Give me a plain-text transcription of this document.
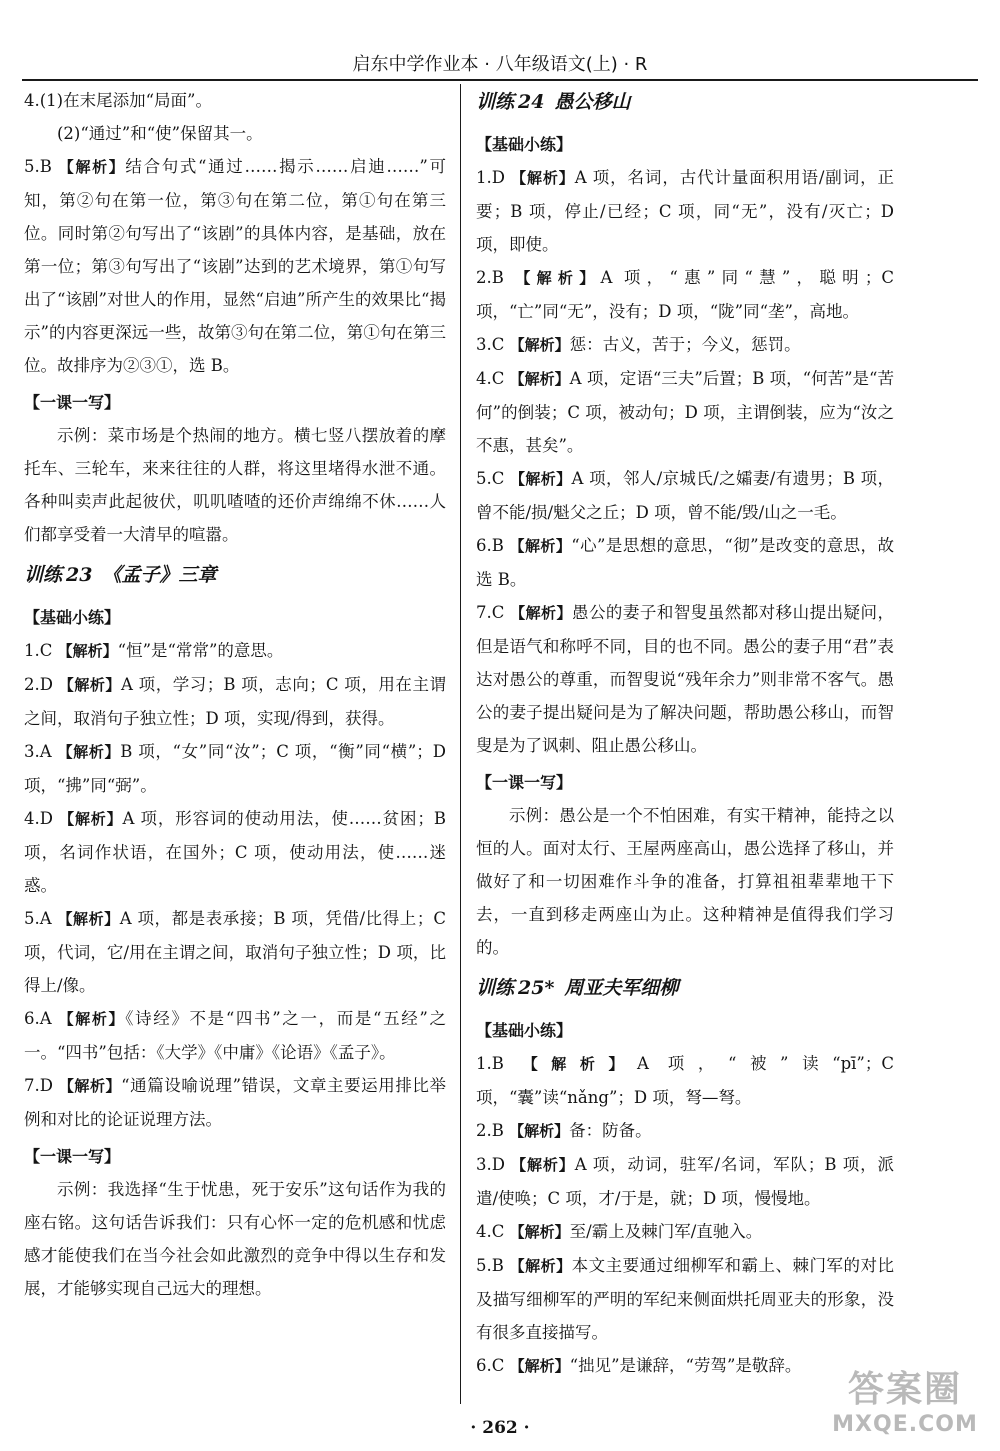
启东中学作业本 · 八年级语文(上) · R

4.(1)在末尾添加“局面”。

(2)“通过”和“使”保留其一。

5.B 【解析】结合句式“通过……揭示……启迪……”可知，第②句在第一位，第③句在第二位，第①句在第三位。同时第②句写出了“该剧”的具体内容，是基础，放在第一位；第③句写出了“该剧”达到的艺术境界，第①句写出了“该剧”对世人的作用，显然“启迪”所产生的效果比“揭示”的内容更深远一些，故第③句在第二位，第①句在第三位。故排序为②③①，选 B。

【一课一写】

示例：菜市场是个热闹的地方。横七竖八摆放着的摩托车、三轮车，来来往往的人群，将这里堵得水泄不通。各种叫卖声此起彼伏，叽叽喳喳的还价声绵绵不休……人们都享受着一大清早的喧嚣。

训练 23 《孟子》三章
【基础小练】

1.C 【解析】“恒”是“常常”的意思。

2.D 【解析】A 项，学习；B 项，志向；C 项，用在主谓之间，取消句子独立性；D 项，实现/得到，获得。

3.A 【解析】B 项，“女”同“汝”；C 项，“衡”同“横”；D 项，“拂”同“弼”。

4.D 【解析】A 项，形容词的使动用法，使……贫困；B 项，名词作状语，在国外；C 项，使动用法，使……迷惑。

5.A 【解析】A 项，都是表承接；B 项，凭借/比得上；C 项，代词，它/用在主谓之间，取消句子独立性；D 项，比得上/像。

6.A 【解析】《诗经》不是“四书”之一，而是“五经”之一。“四书”包括：《大学》《中庸》《论语》《孟子》。

7.D 【解析】“通篇设喻说理”错误，文章主要运用排比举例和对比的论证说理方法。

【一课一写】

示例：我选择“生于忧患，死于安乐”这句话作为我的座右铭。这句话告诉我们：只有心怀一定的危机感和忧虑感才能使我们在当今社会如此激烈的竞争中得以生存和发展，才能够实现自己远大的理想。

训练 24 愚公移山
【基础小练】

1.D 【解析】A 项，名词，古代计量面积用语/副词，正要；B 项，停止/已经；C 项，同“无”，没有/灭亡；D 项，即使。

2.B 【解析】A 项，“惠”同“慧”，聪明；C 项，“亡”同“无”，没有；D 项，“陇”同“垄”，高地。

3.C 【解析】惩：古义，苦于；今义，惩罚。

4.C 【解析】A 项，定语“三夫”后置；B 项，“何苦”是“苦何”的倒装；C 项，被动句；D 项，主谓倒装，应为“汝之不惠，甚矣”。

5.C 【解析】A 项，邻人/京城氏/之孀妻/有遗男；B 项，曾不能/损/魁父之丘；D 项，曾不能/毁/山之一毛。

6.B 【解析】“心”是思想的意思，“彻”是改变的意思，故选 B。

7.C 【解析】愚公的妻子和智叟虽然都对移山提出疑问，但是语气和称呼不同，目的也不同。愚公的妻子用“君”表达对愚公的尊重，而智叟说“残年余力”则非常不客气。愚公的妻子提出疑问是为了解决问题，帮助愚公移山，而智叟是为了讽刺、阻止愚公移山。

【一课一写】

示例：愚公是一个不怕困难，有实干精神，能持之以恒的人。面对太行、王屋两座高山，愚公选择了移山，并做好了和一切困难作斗争的准备，打算祖祖辈辈地干下去，一直到移走两座山为止。这种精神是值得我们学习的。

训练 25* 周亚夫军细柳
【基础小练】

1.B 【解析】A 项，“被”读“pī”；C 项，“囊”读“nǎng”；D 项，弩—弩。

2.B 【解析】备：防备。

3.D 【解析】A 项，动词，驻军/名词，军队；B 项，派遣/使唤；C 项，才/于是，就；D 项，慢慢地。

4.C 【解析】至/霸上及棘门军/直驰入。

5.B 【解析】本文主要通过细柳军和霸上、棘门军的对比及描写细柳军的严明的军纪来侧面烘托周亚夫的形象，没有很多直接描写。

6.C 【解析】“拙见”是谦辞，“劳驾”是敬辞。

· 262 ·
答案圈
MXQE.COM
